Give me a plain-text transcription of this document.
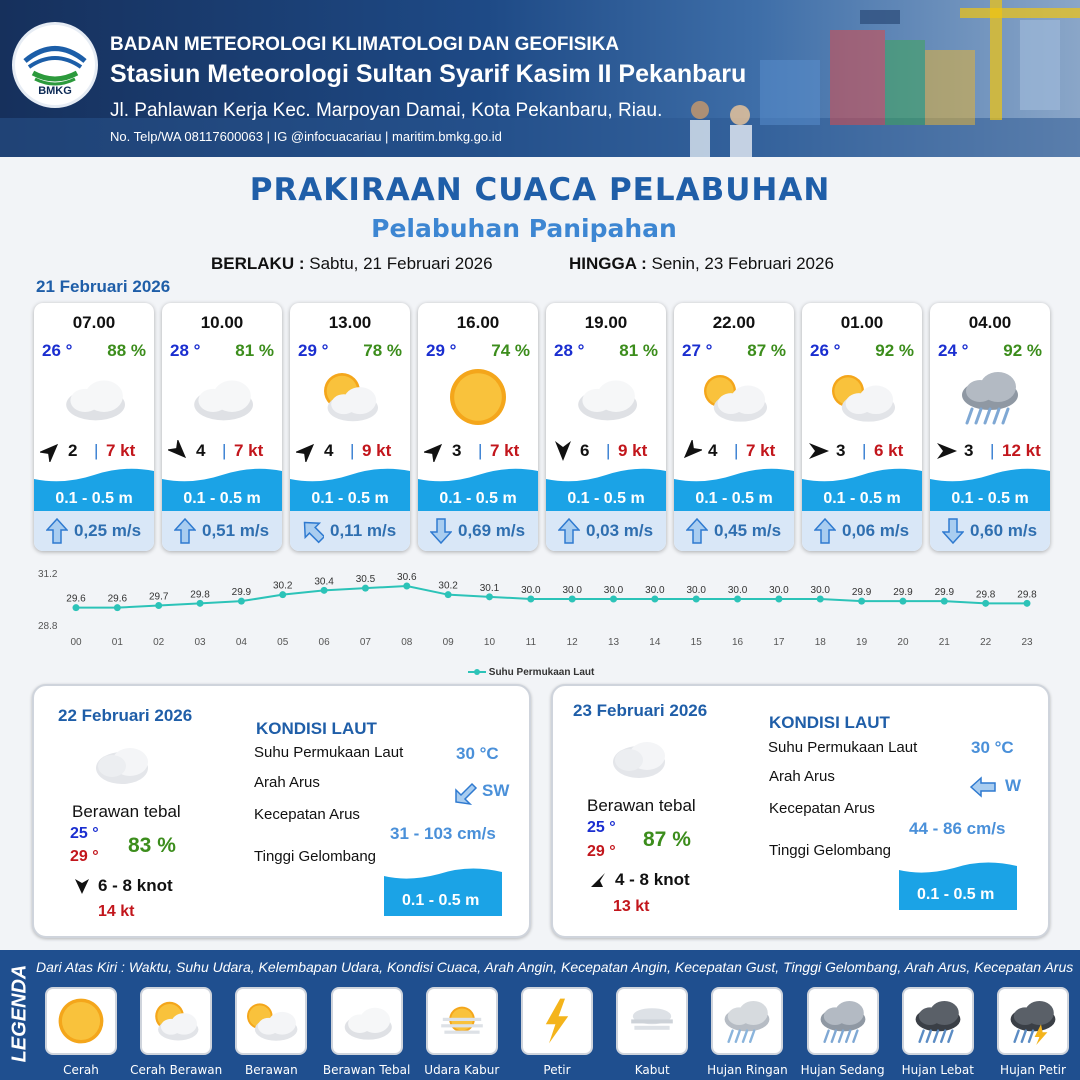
BMKG
BADAN METEOROLOGI KLIMATOLOGI DAN GEOFISIKA
Stasiun Meteorologi Sultan Syarif Kasim II Pekanbaru
Jl. Pahlawan Kerja Kec. Marpoyan Damai, Kota Pekanbaru, Riau.
No. Telp/WA 08117600063 | IG @infocuacariau | maritim.bmkg.go.id
PRAKIRAAN CUACA PELABUHAN
Pelabuhan Panipahan
BERLAKU : Sabtu, 21 Februari 2026	HINGGA : Senin, 23 Februari 2026
21 Februari 2026
07.00
26 ° 88 %
2 | 7 kt
0.1 - 0.5 m
0,25 m/s
10.00
28 ° 81 %
4 | 7 kt
0.1 - 0.5 m
0,51 m/s
13.00
29 ° 78 %
4 | 9 kt
0.1 - 0.5 m
0,11 m/s
16.00
29 ° 74 %
3 | 7 kt
0.1 - 0.5 m
0,69 m/s
19.00
28 ° 81 %
6 | 9 kt
0.1 - 0.5 m
0,03 m/s
22.00
27 ° 87 %
4 | 7 kt
0.1 - 0.5 m
0,45 m/s
01.00
26 ° 92 %
3 | 6 kt
0.1 - 0.5 m
0,06 m/s
04.00
24 ° 92 %
3 | 12 kt
0.1 - 0.5 m
0,60 m/s
31.2
28.8
29.6
00
29.6
01
29.7
02
29.8
03
29.9
04
30.2
05
30.4
06
30.5
07
30.6
08
30.2
09
30.1
10
30.0
11
30.0
12
30.0
13
30.0
14
30.0
15
30.0
16
30.0
17
30.0
18
29.9
19
29.9
20
29.9
21
29.8
22
29.8
23
Suhu Permukaan Laut
22 Februari 2026
Berawan tebal
25 °
29 ° 83 %
6 - 8 knot
14 kt
KONDISI LAUT
Suhu Permukaan Laut	30 °C
Arah Arus	SW
Kecepatan Arus
31 - 103 cm/s
Tinggi Gelombang
0.1 - 0.5 m
23 Februari 2026
Berawan tebal
25 °
29 °
87 %
4 - 8 knot
13 kt
KONDISI LAUT
Suhu Permukaan Laut	30 °C
Arah Arus	W
Kecepatan Arus
44 - 86 cm/s
Tinggi Gelombang
0.1 - 0.5 m
LEGENDA Dari Atas Kiri : Waktu, Suhu Udara, Kelembapan Udara, Kondisi Cuaca, Arah Angin, Kecepatan Angin, Kecepatan Gust, Tinggi Gelombang, Arah Arus, Kecepatan Arus
Cerah	Cerah Berawan	Berawan	Berawan Tebal	Udara Kabur	Petir	Kabut	Hujan Ringan	Hujan Sedang	Hujan Lebat	Hujan Petir
